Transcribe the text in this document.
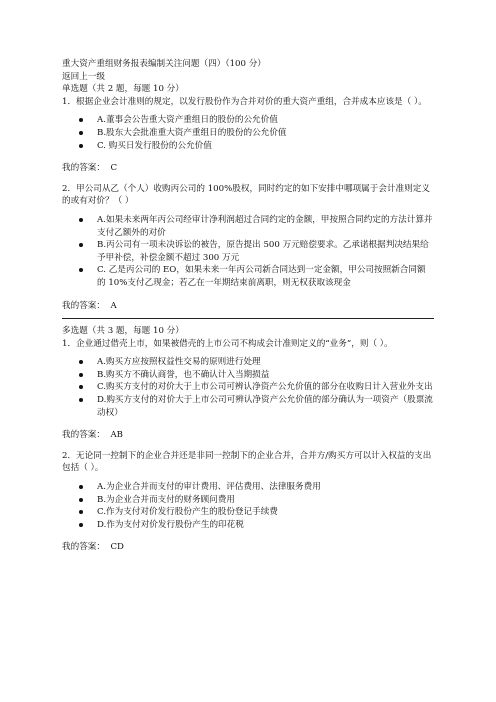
重大资产重组财务报表编制关注问题（四）（100 分）

返回上一级

单选题（共 2 题，每题 10 分）

1．根据企业会计准则的规定，以发行股份作为合并对价的重大资产重组，合并成本应该是（ ）。

A.董事会公告重大资产重组日的股份的公允价值
B.股东大会批准重大资产重组日的股份的公允价值
C. 购买日发行股份的公允价值

我的答案： C

2．甲公司从乙（个人）收购丙公司的 100%股权，同时约定的如下安排中哪项属于会计准则定义的或有对价？（ ）

A.如果未来两年丙公司经审计净利润超过合同约定的金额，甲按照合同约定的方法计算并支付乙额外的对价
B.丙公司有一项未决诉讼的被告，原告提出 500 万元赔偿要求。乙承诺根据判决结果给予甲补偿，补偿金额不超过 300 万元
C. 乙是丙公司的 EO，如果未来一年丙公司新合同达到一定金额，甲公司按照新合同额的 10%支付乙现金；若乙在一年期结束前离职，则无权获取该现金

我的答案： A

多选题（共 3 题，每题 10 分）

1．企业通过借壳上市，如果被借壳的上市公司不构成会计准则定义的“业务”，则（ ）。

A.购买方应按照权益性交易的原则进行处理
B.购买方不确认商誉，也不确认计入当期损益
C.购买方支付的对价大于上市公司可辨认净资产公允价值的部分在收购日计入营业外支出
D.购买方支付的对价大于上市公司可辨认净资产公允价值的部分确认为一项资产（股票流动权）

我的答案： AB

2．无论同一控制下的企业合并还是非同一控制下的企业合并，合并方/购买方可以计入权益的支出包括（ ）。

A.为企业合并而支付的审计费用、评估费用、法律服务费用
B.为企业合并而支付的财务顾问费用
C.作为支付对价发行股份产生的股份登记手续费
D.作为支付对价发行股份产生的印花税

我的答案： CD
